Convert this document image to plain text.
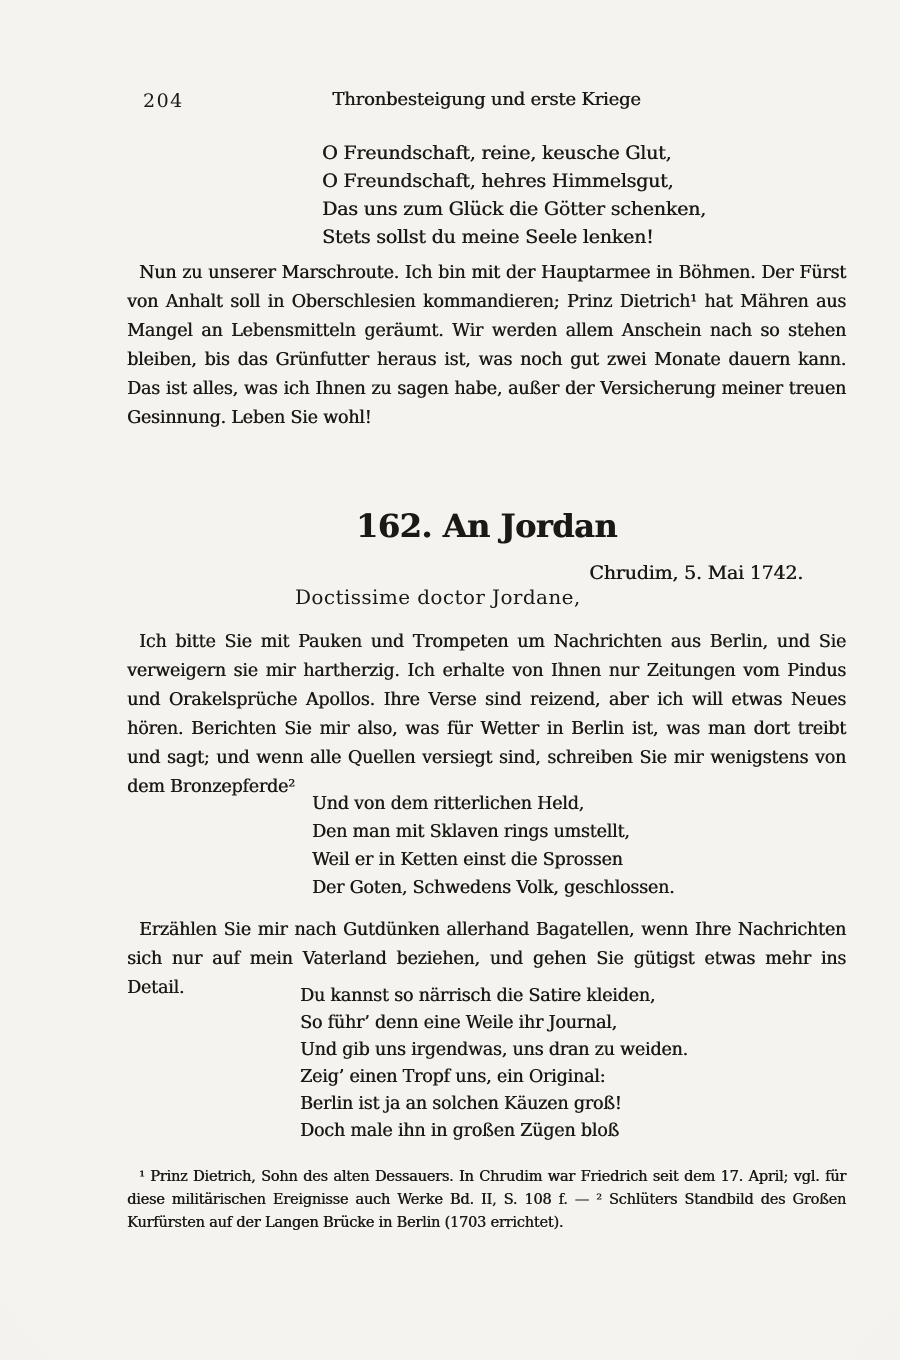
204	Thronbesteigung und erste Kriege
O Freundschaft, reine, keusche Glut,
O Freundschaft, hehres Himmelsgut,
Das uns zum Glück die Götter schenken,
Stets sollst du meine Seele lenken!
Nun zu unserer Marschroute. Ich bin mit der Hauptarmee in Böhmen. Der Fürst
von Anhalt soll in Oberschlesien kommandieren; Prinz Dietrich¹ hat Mähren aus
Mangel an Lebensmitteln geräumt. Wir werden allem Anschein nach so stehen
bleiben, bis das Grünfutter heraus ist, was noch gut zwei Monate dauern kann.
Das ist alles, was ich Ihnen zu sagen habe, außer der Versicherung meiner treuen
Gesinnung. Leben Sie wohl!
162. An Jordan
Chrudim, 5. Mai 1742.
Doctissime doctor Jordane,
Ich bitte Sie mit Pauken und Trompeten um Nachrichten aus Berlin, und Sie
verweigern sie mir hartherzig. Ich erhalte von Ihnen nur Zeitungen vom Pindus
und Orakelsprüche Apollos. Ihre Verse sind reizend, aber ich will etwas Neues
hören. Berichten Sie mir also, was für Wetter in Berlin ist, was man dort treibt
und sagt; und wenn alle Quellen versiegt sind, schreiben Sie mir wenigstens von
dem Bronzepferde²
Und von dem ritterlichen Held,
Den man mit Sklaven rings umstellt,
Weil er in Ketten einst die Sprossen
Der Goten, Schwedens Volk, geschlossen.
Erzählen Sie mir nach Gutdünken allerhand Bagatellen, wenn Ihre Nachrichten
sich nur auf mein Vaterland beziehen, und gehen Sie gütigst etwas mehr ins Detail.	Du kannst so närrisch die Satire kleiden,
So führ’ denn eine Weile ihr Journal,
Und gib uns irgendwas, uns dran zu weiden.
Zeig’ einen Tropf uns, ein Original:
Berlin ist ja an solchen Käuzen groß!
Doch male ihn in großen Zügen bloß
¹ Prinz Dietrich, Sohn des alten Dessauers. In Chrudim war Friedrich seit dem 17. April; vgl. für
diese militärischen Ereignisse auch Werke Bd. II, S. 108 f. — ² Schlüters Standbild des Großen
Kurfürsten auf der Langen Brücke in Berlin (1703 errichtet).
